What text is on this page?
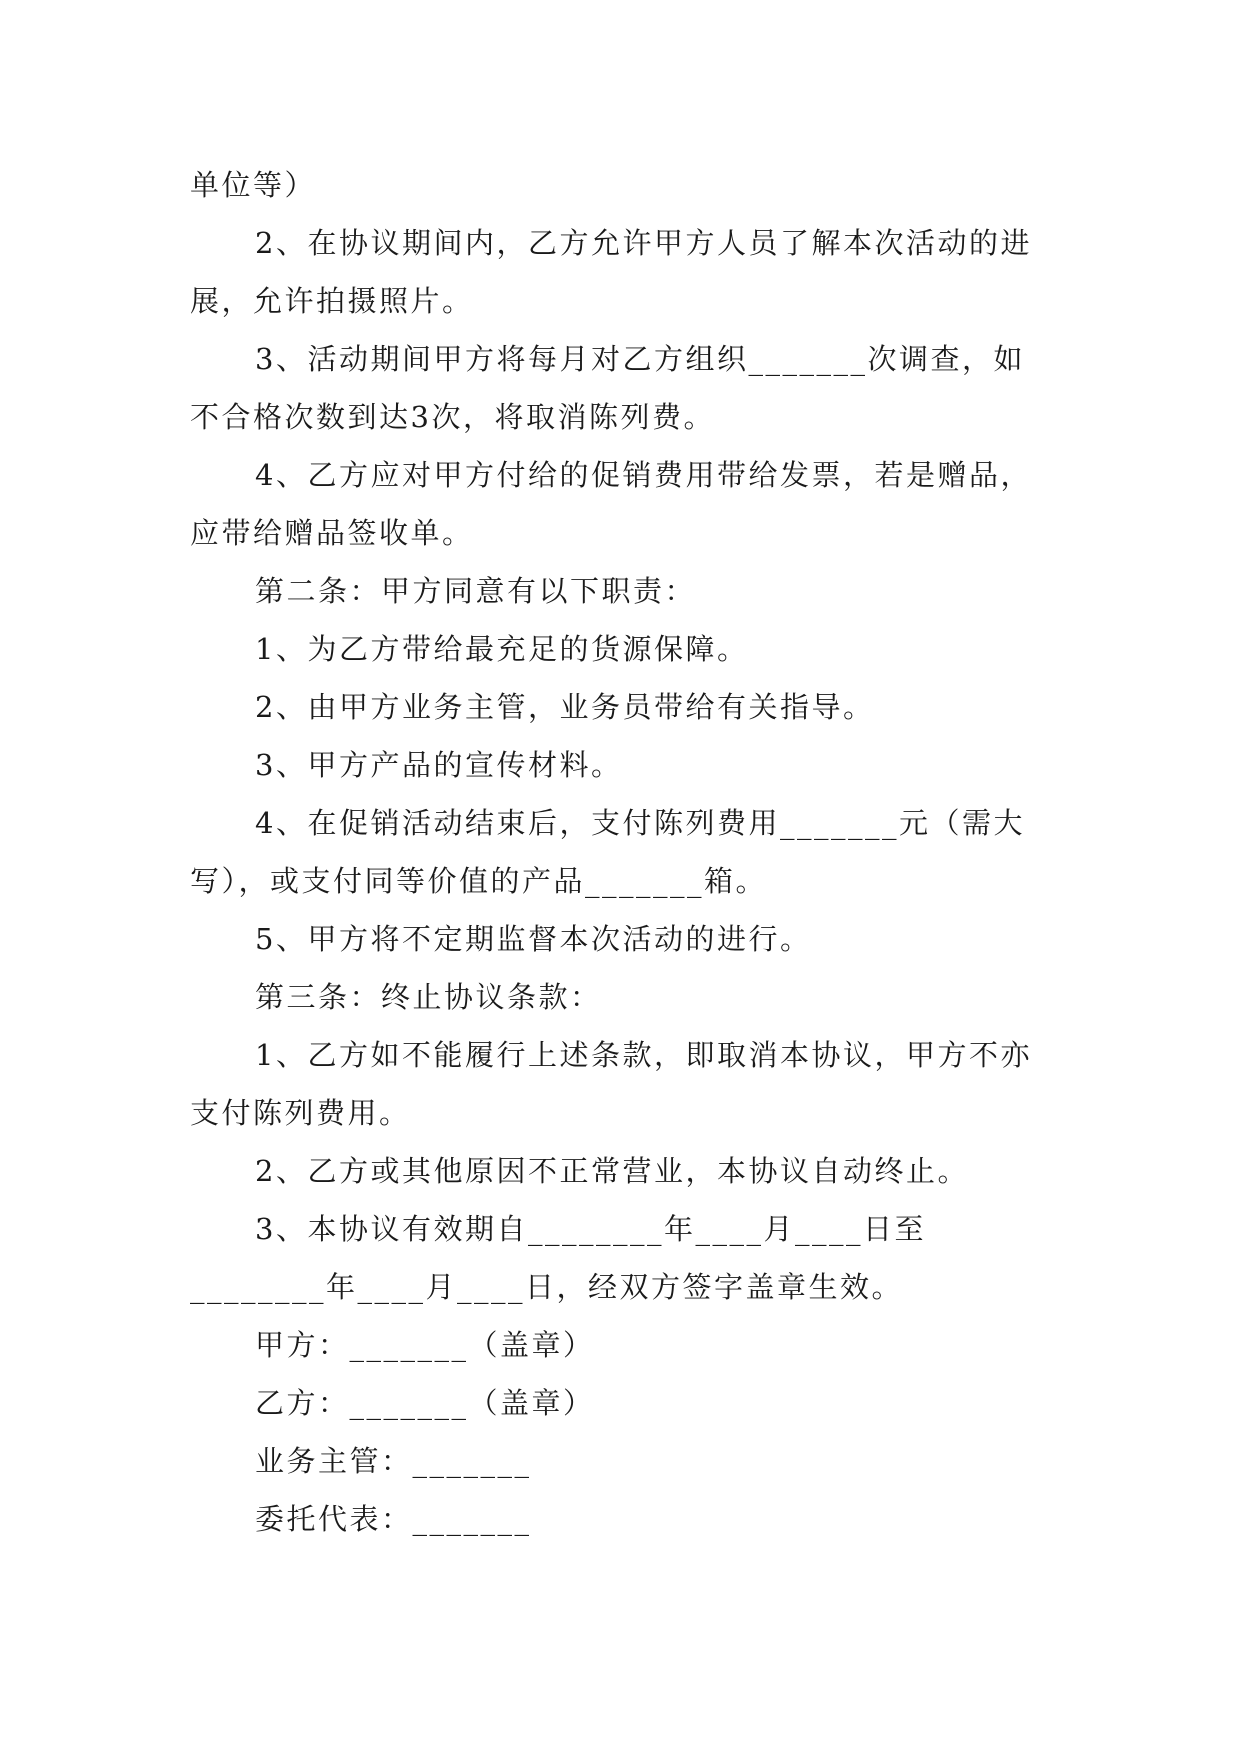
单位等）

2、在协议期间内，乙方允许甲方人员了解本次活动的进展，允许拍摄照片。

3、活动期间甲方将每月对乙方组织_______次调查，如不合格次数到达3次，将取消陈列费。

4、乙方应对甲方付给的促销费用带给发票，若是赠品，应带给赠品签收单。

第二条：甲方同意有以下职责：

1、为乙方带给最充足的货源保障。

2、由甲方业务主管，业务员带给有关指导。

3、甲方产品的宣传材料。

4、在促销活动结束后，支付陈列费用_______元（需大写），或支付同等价值的产品_______箱。

5、甲方将不定期监督本次活动的进行。

第三条：终止协议条款：

1、乙方如不能履行上述条款，即取消本协议，甲方不亦支付陈列费用。

2、乙方或其他原因不正常营业，本协议自动终止。

3、本协议有效期自________年____月____日至________年____月____日，经双方签字盖章生效。

甲方：_______（盖章）

乙方：_______（盖章）

业务主管：_______

委托代表：_______
